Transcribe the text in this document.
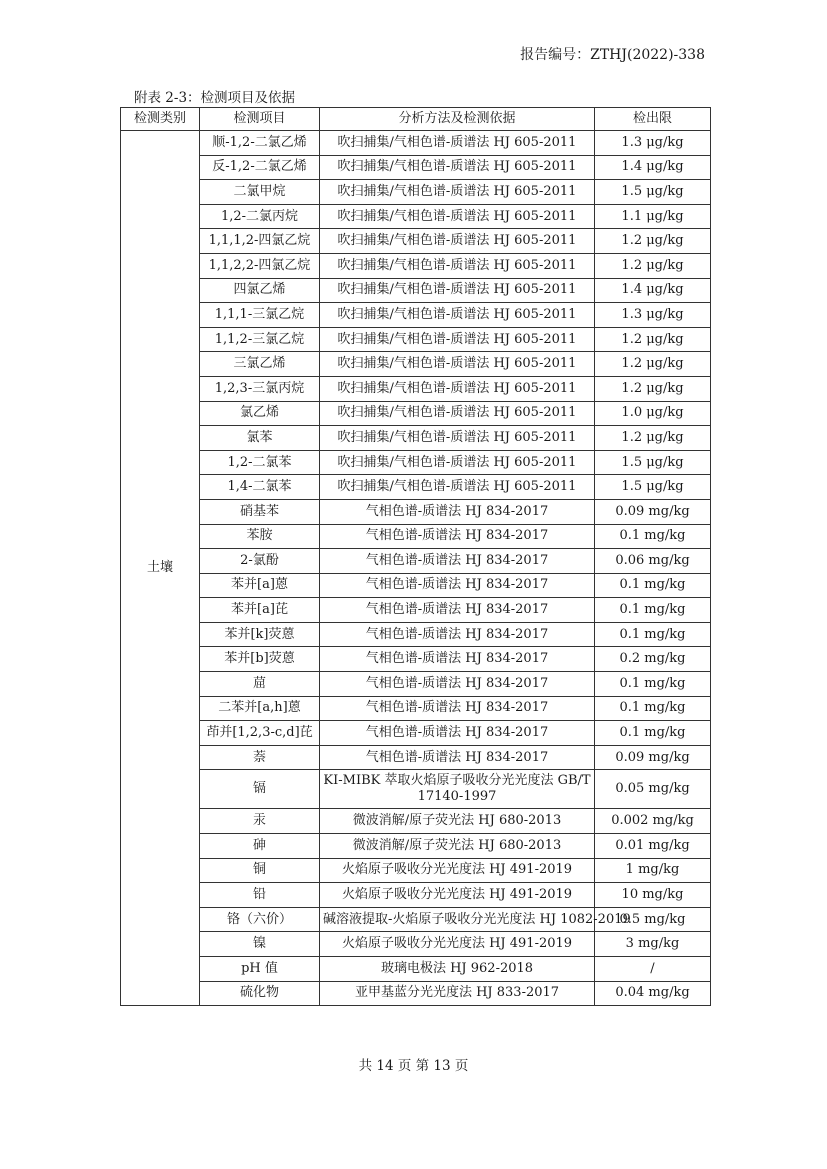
报告编号：ZTHJ(2022)-338
附表 2-3：检测项目及依据
检测类别	检测项目	分析方法及检测依据	检出限
土壤	顺-1,2-二氯乙烯	吹扫捕集/气相色谱-质谱法 HJ 605-2011	1.3 μg/kg
	反-1,2-二氯乙烯	吹扫捕集/气相色谱-质谱法 HJ 605-2011	1.4 μg/kg
	二氯甲烷	吹扫捕集/气相色谱-质谱法 HJ 605-2011	1.5 μg/kg
	1,2-二氯丙烷	吹扫捕集/气相色谱-质谱法 HJ 605-2011	1.1 μg/kg
	1,1,1,2-四氯乙烷	吹扫捕集/气相色谱-质谱法 HJ 605-2011	1.2 μg/kg
	1,1,2,2-四氯乙烷	吹扫捕集/气相色谱-质谱法 HJ 605-2011	1.2 μg/kg
	四氯乙烯	吹扫捕集/气相色谱-质谱法 HJ 605-2011	1.4 μg/kg
	1,1,1-三氯乙烷	吹扫捕集/气相色谱-质谱法 HJ 605-2011	1.3 μg/kg
	1,1,2-三氯乙烷	吹扫捕集/气相色谱-质谱法 HJ 605-2011	1.2 μg/kg
	三氯乙烯	吹扫捕集/气相色谱-质谱法 HJ 605-2011	1.2 μg/kg
	1,2,3-三氯丙烷	吹扫捕集/气相色谱-质谱法 HJ 605-2011	1.2 μg/kg
	氯乙烯	吹扫捕集/气相色谱-质谱法 HJ 605-2011	1.0 μg/kg
	氯苯	吹扫捕集/气相色谱-质谱法 HJ 605-2011	1.2 μg/kg
	1,2-二氯苯	吹扫捕集/气相色谱-质谱法 HJ 605-2011	1.5 μg/kg
	1,4-二氯苯	吹扫捕集/气相色谱-质谱法 HJ 605-2011	1.5 μg/kg
	硝基苯	气相色谱-质谱法 HJ 834-2017	0.09 mg/kg
	苯胺	气相色谱-质谱法 HJ 834-2017	0.1 mg/kg
	2-氯酚	气相色谱-质谱法 HJ 834-2017	0.06 mg/kg
	苯并[a]蒽	气相色谱-质谱法 HJ 834-2017	0.1 mg/kg
	苯并[a]芘	气相色谱-质谱法 HJ 834-2017	0.1 mg/kg
	苯并[k]荧蒽	气相色谱-质谱法 HJ 834-2017	0.1 mg/kg
	苯并[b]荧蒽	气相色谱-质谱法 HJ 834-2017	0.2 mg/kg
	䓛	气相色谱-质谱法 HJ 834-2017	0.1 mg/kg
	二苯并[a,h]蒽	气相色谱-质谱法 HJ 834-2017	0.1 mg/kg
	茚并[1,2,3-c,d]芘	气相色谱-质谱法 HJ 834-2017	0.1 mg/kg
	萘	气相色谱-质谱法 HJ 834-2017	0.09 mg/kg
	镉	KI-MIBK 萃取火焰原子吸收分光光度法 GB/T 17140-1997	0.05 mg/kg
	汞	微波消解/原子荧光法 HJ 680-2013	0.002 mg/kg
	砷	微波消解/原子荧光法 HJ 680-2013	0.01 mg/kg
	铜	火焰原子吸收分光光度法 HJ 491-2019	1 mg/kg
	铅	火焰原子吸收分光光度法 HJ 491-2019	10 mg/kg
	铬（六价）	碱溶液提取-火焰原子吸收分光光度法 HJ 1082-2019	0.5 mg/kg
	镍	火焰原子吸收分光光度法 HJ 491-2019	3 mg/kg
	pH 值	玻璃电极法 HJ 962-2018	/
	硫化物	亚甲基蓝分光光度法 HJ 833-2017	0.04 mg/kg
共 14 页 第 13 页
